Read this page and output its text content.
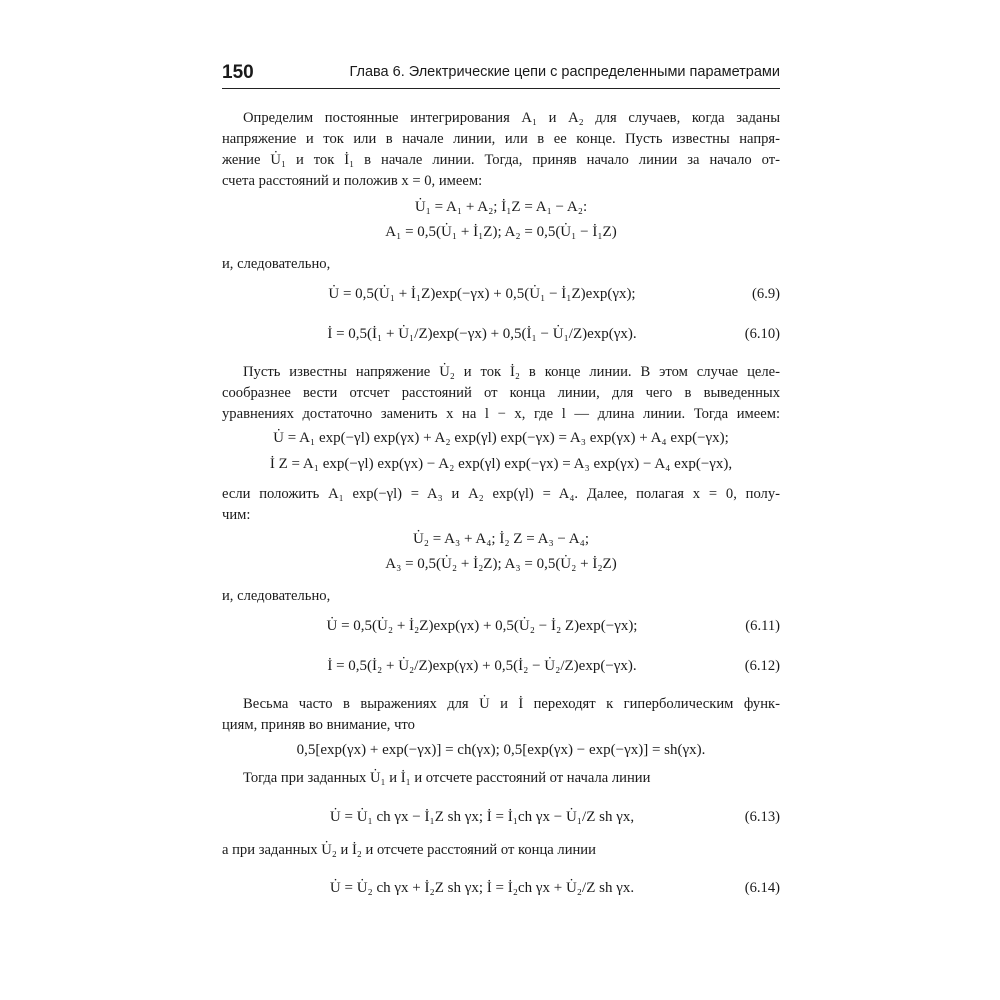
150	Глава 6. Электрические цепи с распределенными параметрами
Определим постоянные интегрирования A₁ и A₂ для случаев, когда заданы
напряжение и ток или в начале линии, или в ее конце. Пусть известны напря-
жение U̇₁ и ток İ₁ в начале линии. Тогда, приняв начало линии за начало от-
счета расстояний и положив x = 0, имеем:
U̇₁ = A₁ + A₂; İ₁Z = A₁ − A₂:
A₁ = 0,5(U̇₁ + İ₁Z); A₂ = 0,5(U̇₁ − İ₁Z)
и, следовательно,
U̇ = 0,5(U̇₁ + İ₁Z)exp(−γx) + 0,5(U̇₁ − İ₁Z)exp(γx);	(6.9)
İ = 0,5(İ₁ + U̇₁/Z)exp(−γx) + 0,5(İ₁ − U̇₁/Z)exp(γx).	(6.10)
Пусть известны напряжение U̇₂ и ток İ₂ в конце линии. В этом случае целе-
сообразнее вести отсчет расстояний от конца линии, для чего в выведенных
уравнениях достаточно заменить x на l − x, где l — длина линии. Тогда имеем:
U̇ = A₁ exp(−γl) exp(γx) + A₂ exp(γl) exp(−γx) = A₃ exp(γx) + A₄ exp(−γx);
İ Z = A₁ exp(−γl) exp(γx) − A₂ exp(γl) exp(−γx) = A₃ exp(γx) − A₄ exp(−γx),
если положить A₁ exp(−γl) = A₃ и A₂ exp(γl) = A₄. Далее, полагая x = 0, полу-
чим:
U̇₂ = A₃ + A₄; İ₂ Z = A₃ − A₄;
A₃ = 0,5(U̇₂ + İ₂Z); A₃ = 0,5(U̇₂ + İ₂Z)
и, следовательно,
U̇ = 0,5(U̇₂ + İ₂Z)exp(γx) + 0,5(U̇₂ − İ₂ Z)exp(−γx);	(6.11)
İ = 0,5(İ₂ + U̇₂/Z)exp(γx) + 0,5(İ₂ − U̇₂/Z)exp(−γx).	(6.12)
Весьма часто в выражениях для U̇ и İ переходят к гиперболическим функ-
циям, приняв во внимание, что
0,5[exp(γx) + exp(−γx)] = ch(γx); 0,5[exp(γx) − exp(−γx)] = sh(γx).
Тогда при заданных U̇₁ и İ₁ и отсчете расстояний от начала линии
U̇ = U̇₁ ch γx − İ₁Z sh γx; İ = İ₁ch γx − U̇₁/Z sh γx,	(6.13)
а при заданных U̇₂ и İ₂ и отсчете расстояний от конца линии
U̇ = U̇₂ ch γx + İ₂Z sh γx; İ = İ₂ch γx + U̇₂/Z sh γx.	(6.14)
